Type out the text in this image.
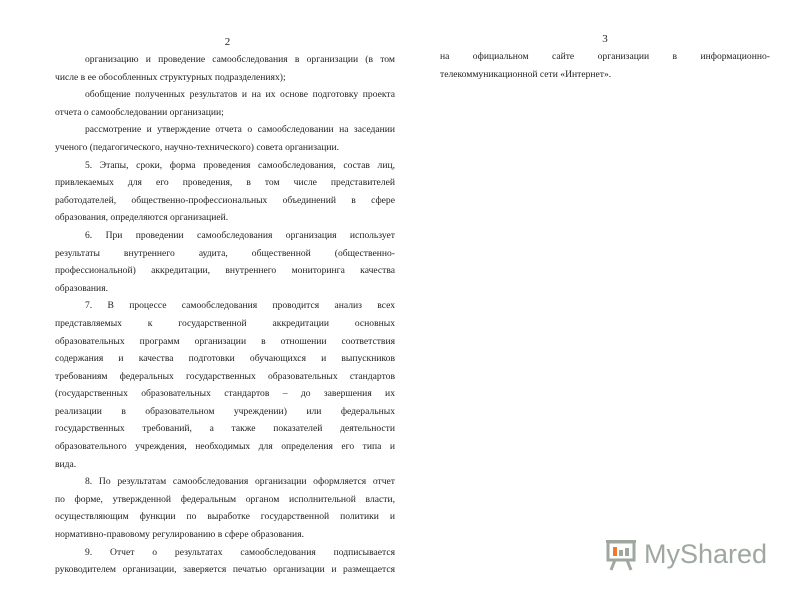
2
организацию и проведение самообследования в организации (в том
числе в ее обособленных структурных подразделениях);
обобщение полученных результатов и на их основе подготовку проекта
отчета о самообследовании организации;
рассмотрение и утверждение отчета о самообследовании на заседании
ученого (педагогического, научно-технического) совета организации.
5. Этапы, сроки, форма проведения самообследования, состав лиц,
привлекаемых для его проведения, в том числе представителей
работодателей, общественно-профессиональных объединений в сфере
образования, определяются организацией.
6. При проведении самообследования организация использует
результаты внутреннего аудита, общественной (общественно-
профессиональной) аккредитации, внутреннего мониторинга качества
образования.
7. В процессе самообследования проводится анализ всех
представляемых к государственной аккредитации основных
образовательных программ организации в отношении соответствия
содержания и качества подготовки обучающихся и выпускников
требованиям федеральных государственных образовательных стандартов
(государственных образовательных стандартов – до завершения их
реализации в образовательном учреждении) или федеральных
государственных требований, а также показателей деятельности
образовательного учреждения, необходимых для определения его типа и
вида.
8. По результатам самообследования организации оформляется отчет
по форме, утвержденной федеральным органом исполнительной власти,
осуществляющим функции по выработке государственной политики и
нормативно-правовому регулированию в сфере образования.
9. Отчет о результатах самообследования подписывается
руководителем организации, заверяется печатью организации и размещается
3
на официальном сайте организации в информационно-
телекоммуникационной сети «Интернет».
MyShared
